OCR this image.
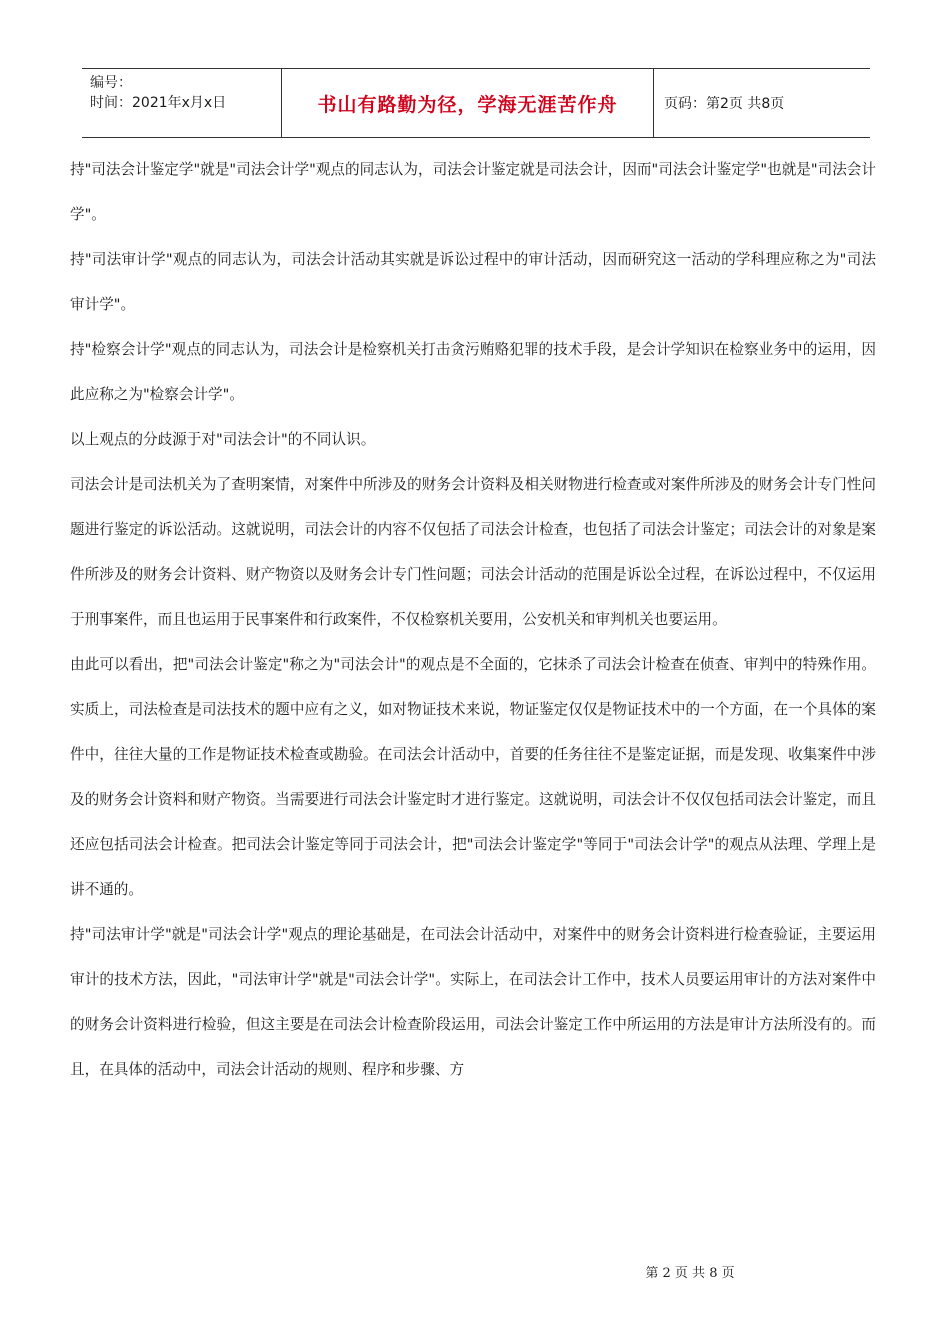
编号：
时间：2021年x月x日	书山有路勤为径，学海无涯苦作舟	页码：第2页 共8页

持"司法会计鉴定学"就是"司法会计学"观点的同志认为，司法会计鉴定就是司法会计，因而"司法会计鉴定学"也就是"司法会计学"。

持"司法审计学"观点的同志认为，司法会计活动其实就是诉讼过程中的审计活动，因而研究这一活动的学科理应称之为"司法审计学"。

持"检察会计学"观点的同志认为，司法会计是检察机关打击贪污贿赂犯罪的技术手段，是会计学知识在检察业务中的运用，因此应称之为"检察会计学"。

以上观点的分歧源于对"司法会计"的不同认识。

司法会计是司法机关为了查明案情，对案件中所涉及的财务会计资料及相关财物进行检查或对案件所涉及的财务会计专门性问题进行鉴定的诉讼活动。这就说明，司法会计的内容不仅包括了司法会计检查，也包括了司法会计鉴定；司法会计的对象是案件所涉及的财务会计资料、财产物资以及财务会计专门性问题；司法会计活动的范围是诉讼全过程，在诉讼过程中，不仅运用于刑事案件，而且也运用于民事案件和行政案件，不仅检察机关要用，公安机关和审判机关也要运用。

由此可以看出，把"司法会计鉴定"称之为"司法会计"的观点是不全面的，它抹杀了司法会计检查在侦查、审判中的特殊作用。实质上，司法检查是司法技术的题中应有之义，如对物证技术来说，物证鉴定仅仅是物证技术中的一个方面，在一个具体的案件中，往往大量的工作是物证技术检查或勘验。在司法会计活动中，首要的任务往往不是鉴定证据，而是发现、收集案件中涉及的财务会计资料和财产物资。当需要进行司法会计鉴定时才进行鉴定。这就说明，司法会计不仅仅包括司法会计鉴定，而且还应包括司法会计检查。把司法会计鉴定等同于司法会计，把"司法会计鉴定学"等同于"司法会计学"的观点从法理、学理上是讲不通的。

持"司法审计学"就是"司法会计学"观点的理论基础是，在司法会计活动中，对案件中的财务会计资料进行检查验证，主要运用审计的技术方法，因此，"司法审计学"就是"司法会计学"。实际上，在司法会计工作中，技术人员要运用审计的方法对案件中的财务会计资料进行检验，但这主要是在司法会计检查阶段运用，司法会计鉴定工作中所运用的方法是审计方法所没有的。而且，在具体的活动中，司法会计活动的规则、程序和步骤、方

第 2 页 共 8 页
